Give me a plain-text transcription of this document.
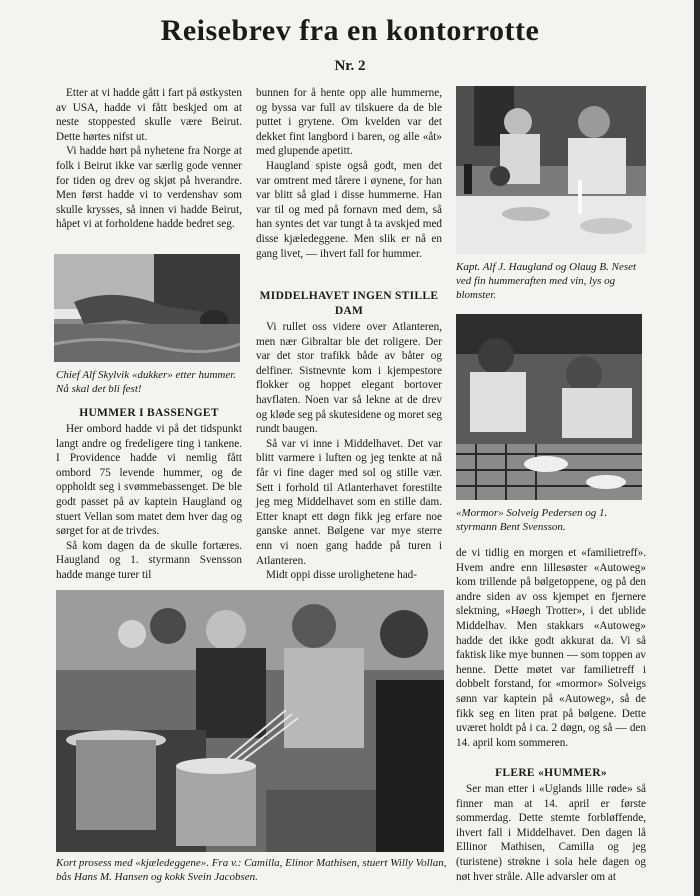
Reisebrev fra en kontorrotte
Nr. 2

Etter at vi hadde gått i fart på østkysten av USA, hadde vi fått beskjed om at neste stoppested skulle være Beirut. Dette hørtes nifst ut.

Vi hadde hørt på nyhetene fra Norge at folk i Beirut ikke var særlig gode venner for tiden og drev og skjøt på hverandre. Men først hadde vi to verdenshav som skulle krysses, så innen vi hadde Beirut, håpet vi at forholdene hadde bedret seg.

Chief Alf Skylvik «dukker» etter hummer. Nå skal det bli fest!
HUMMER I BASSENGET

Her ombord hadde vi på det tidspunkt langt andre og fredeligere ting i tankene. I Providence hadde vi nemlig fått ombord 75 levende hummer, og de oppholdt seg i svømmebassenget. De ble godt passet på av kaptein Haugland og stuert Vellan som matet dem hver dag og sørget for at de trivdes.

Så kom dagen da de skulle fortæres. Haugland og 1. styrmann Svensson hadde mange turer til

bunnen for å hente opp alle hummerne, og byssa var full av tilskuere da de ble puttet i grytene. Om kvelden var det dekket fint langbord i baren, og alle «åt» med glupende apetitt.

Haugland spiste også godt, men det var omtrent med tårere i øynene, for han var blitt så glad i disse hummerne. Han var til og med på fornavn med dem, så han syntes det var tungt å ta avskjed med disse kjæledeggene. Men slik er nå en gang livet, — ihvert fall for hummer.

MIDDELHAVET INGEN STILLE DAM

Vi rullet oss videre over Atlanteren, men nær Gibraltar ble det roligere. Der var det stor trafikk både av båter og delfiner. Sistnevnte kom i kjempestore flokker og hoppet elegant bortover havflaten. Noen var så lekne at de drev og kløde seg på skutesidene og moret seg rundt baugen.

Så var vi inne i Middelhavet. Det var blitt varmere i luften og jeg tenkte at nå får vi fine dager med sol og stille vær. Sett i forhold til Atlanterhavet forestilte jeg meg Middelhavet som en stille dam. Etter knapt ett døgn fikk jeg erfare noe ganske annet. Bølgene var mye sterre enn vi noen gang hadde på turen i Atlanteren.

Midt oppi disse urolighetene had-

Kapt. Alf J. Haugland og Olaug B. Neset ved fin hummeraften med vin, lys og blomster.
«Mormor» Solveig Pedersen og 1. styrmann Bent Svensson.

de vi tidlig en morgen et «familietreff». Hvem andre enn lillesøster «Autoweg» kom trillende på bølgetoppene, og på den andre siden av oss kjempet en fjernere slektning, «Høegh Trotter», i det ublide Middelhav. Men stakkars «Autoweg» hadde det ikke godt akkurat da. Vi så faktisk like mye bunnen — som toppen av henne. Dette møtet var familietreff i dobbelt forstand, for «mormor» Solveigs sønn var kaptein på «Autoweg», så de fikk seg en liten prat på bølgene. Dette uværet holdt på i ca. 2 døgn, og så — den 14. april kom sommeren.

FLERE «HUMMER»

Ser man etter i «Uglands lille røde» så finner man at 14. april er første sommerdag. Dette stemte forbløffende, ihvert fall i Middelhavet. Den dagen lå Ellinor Mathisen, Camilla og jeg (turistene) strøkne i sola hele dagen og nøt hver stråle. Alle advarsler om at

Kort prosess med «kjæledeggene». Fra v.: Camilla, Elinor Mathisen, stuert Willy Vollan, bås Hans M. Hansen og kokk Svein Jacobsen.
